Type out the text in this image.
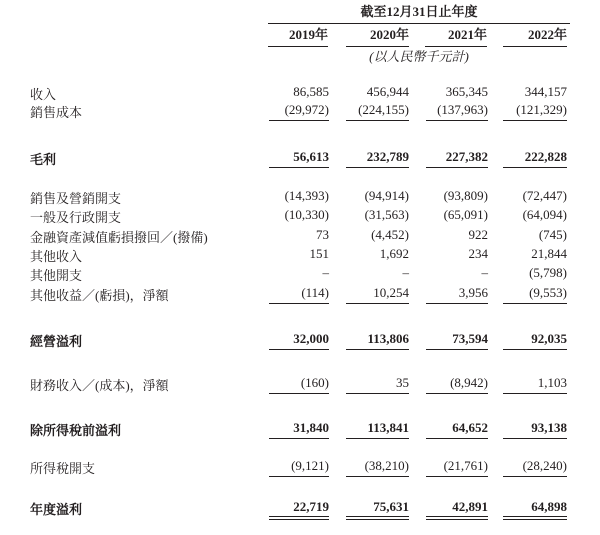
截至12月31日止年度
2019年	2020年	2021年	2022年
(以人民幣千元計)
收入	86,585	456,944	365,345	344,157
銷售成本	(29,972)	(224,155)	(137,963)	(121,329)
毛利	56,613	232,789	227,382	222,828
銷售及營銷開支	(14,393)	(94,914)	(93,809)	(72,447)
一般及行政開支	(10,330)	(31,563)	(65,091)	(64,094)
金融資產減值虧損撥回／(撥備)	73	(4,452)	922	(745)
其他收入	151	1,692	234	21,844
其他開支	–	–	–	(5,798)
其他收益／(虧損)，淨額	(114)	10,254	3,956	(9,553)
經營溢利	32,000	113,806	73,594	92,035
財務收入／(成本)，淨額	(160)	35	(8,942)	1,103
除所得稅前溢利	31,840	113,841	64,652	93,138
所得稅開支	(9,121)	(38,210)	(21,761)	(28,240)
年度溢利	22,719	75,631	42,891	64,898
